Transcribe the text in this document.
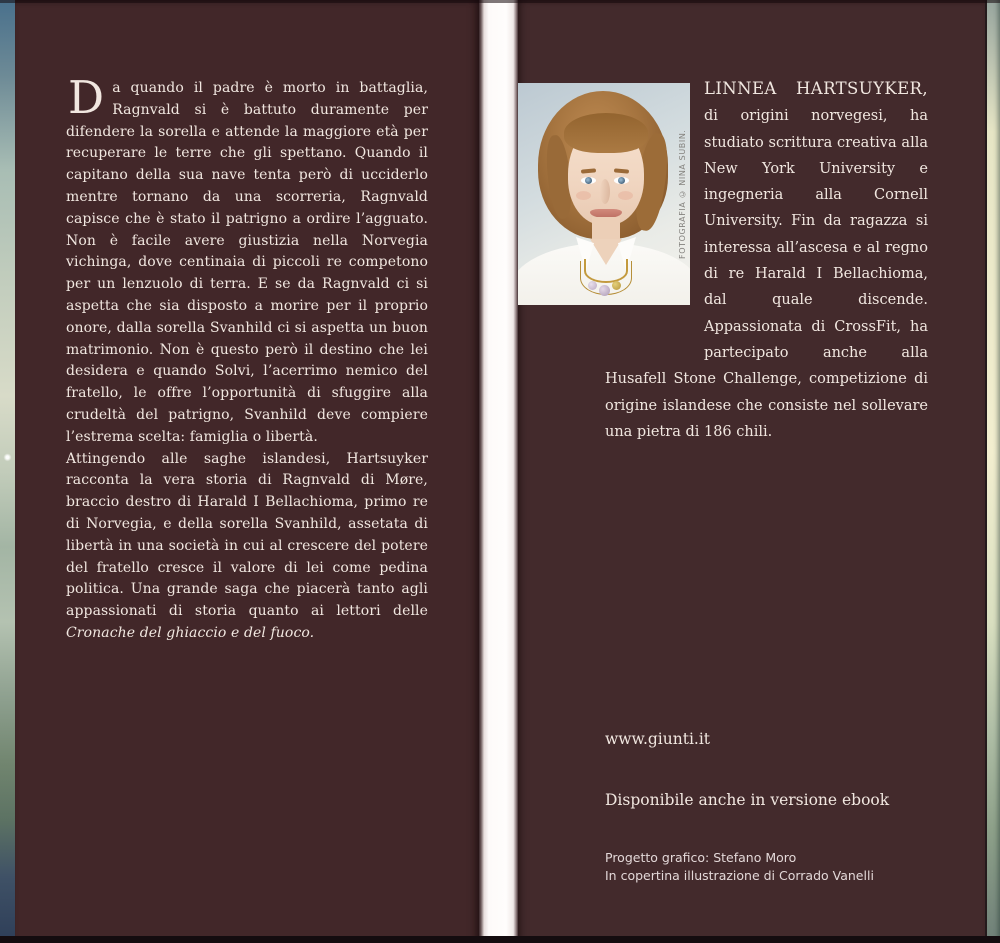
Da quando il padre è morto in battaglia, Ragnvald si è battuto duramente per difendere la sorella e attende la maggiore età per recuperare le terre che gli spettano. Quando il capitano della sua nave tenta però di ucciderlo mentre tornano da una scorreria, Ragnvald capisce che è stato il patrigno a ordire l’agguato. Non è facile avere giustizia nella Norvegia vichinga, dove centinaia di piccoli re competono per un lenzuolo di terra. E se da Ragnvald ci si aspetta che sia disposto a morire per il proprio onore, dalla sorella Svanhild ci si aspetta un buon matrimonio. Non è questo però il destino che lei desidera e quando Solvi, l’acerrimo nemico del fratello, le offre l’opportunità di sfuggire alla crudeltà del patrigno, Svanhild deve compiere l’estrema scelta: famiglia o libertà.

Attingendo alle saghe islandesi, Hartsuyker racconta la vera storia di Ragnvald di Møre, braccio destro di Harald I Bellachioma, primo re di Norvegia, e della sorella Svanhild, assetata di libertà in una società in cui al crescere del potere del fratello cresce il valore di lei come pedina politica. Una grande saga che piacerà tanto agli appassionati di storia quanto ai lettori delle Cronache del ghiaccio e del fuoco.

FOTOGRAFIA © NINA SUBIN.
LINNEA HARTSUYKER, di origini norvegesi, ha studiato scrittura creativa alla New York University e ingegneria alla Cornell University. Fin da ragazza si interessa all’ascesa e al regno di re Harald I Bellachioma, dal quale discende. Appassionata di CrossFit, ha partecipato anche alla Husafell Stone Challenge, competizione di origine islandese che consiste nel sollevare una pietra di 186 chili.
www.giunti.it
Disponibile anche in versione ebook
Progetto grafico: Stefano Moro
In copertina illustrazione di Corrado Vanelli
